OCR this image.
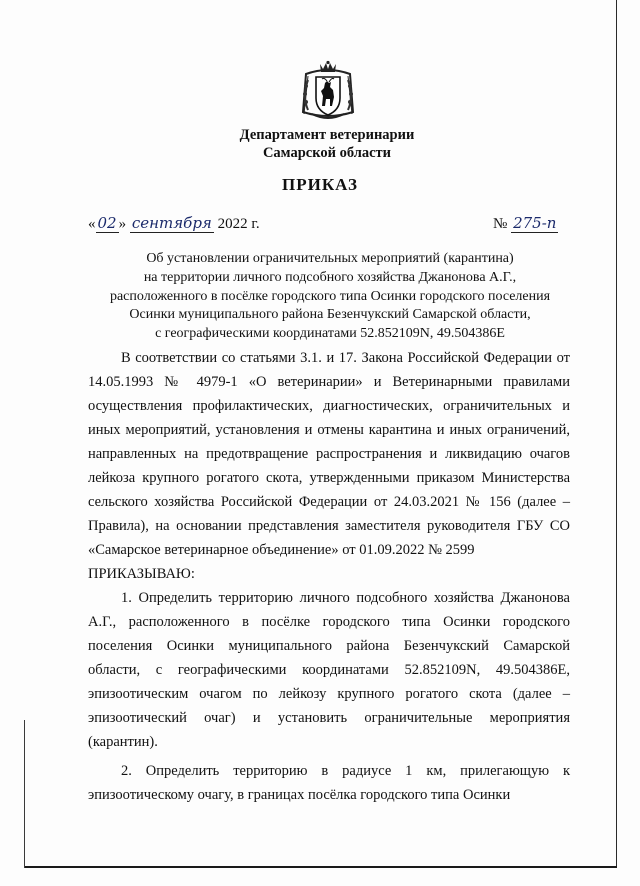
Департамент ветеринарии
Самарской области
ПРИКАЗ
« 02 » сентября 2022 г.	№ 275-п
Об установлении ограничительных мероприятий (карантина)
на территории личного подсобного хозяйства Джанонова А.Г.,
расположенного в посёлке городского типа Осинки городского поселения
Осинки муниципального района Безенчукский Самарской области,
с географическими координатами 52.852109N, 49.504386E

В соответствии со статьями 3.1. и 17. Закона Российской Федерации от 14.05.1993 № 4979-1 «О ветеринарии» и Ветеринарными правилами осуществления профилактических, диагностических, ограничительных и иных мероприятий, установления и отмены карантина и иных ограничений, направленных на предотвращение распространения и ликвидацию очагов лейкоза крупного рогатого скота, утвержденными приказом Министерства сельского хозяйства Российской Федерации от 24.03.2021 № 156 (далее – Правила), на основании представления заместителя руководителя ГБУ СО «Самарское ветеринарное объединение» от 01.09.2022 № 2599

ПРИКАЗЫВАЮ:

1. Определить территорию личного подсобного хозяйства Джанонова А.Г., расположенного в посёлке городского типа Осинки городского поселения Осинки муниципального района Безенчукский Самарской области, с географическими координатами 52.852109N, 49.504386E, эпизоотическим очагом по лейкозу крупного рогатого скота (далее – эпизоотический очаг) и установить ограничительные мероприятия (карантин).

2. Определить территорию в радиусе 1 км, прилегающую к эпизоотическому очагу, в границах посёлка городского типа Осинки
